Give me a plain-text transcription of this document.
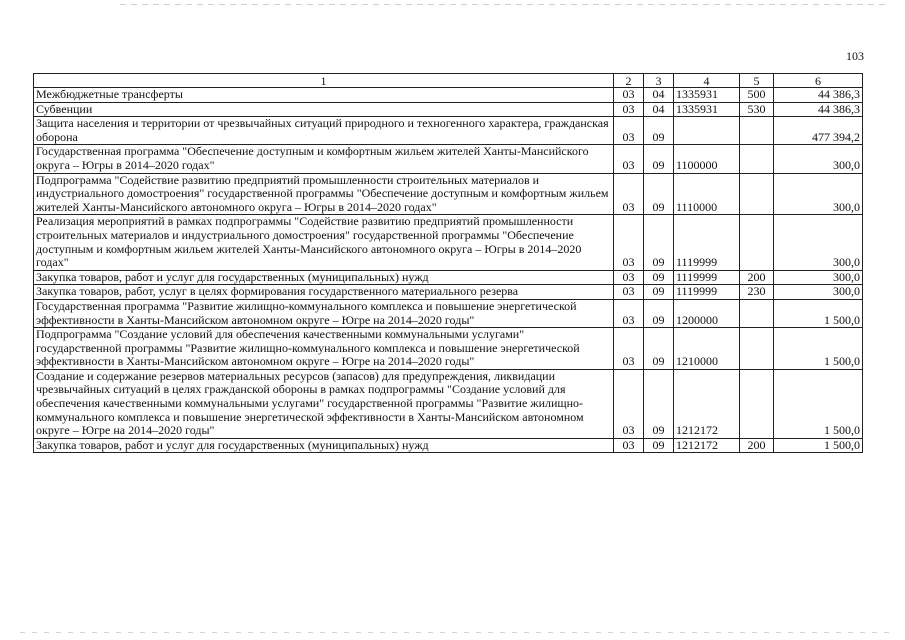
103
1	2	3	4	5	6
Межбюджетные трансферты	03	04	1335931	500	44 386,3
Субвенции	03	04	1335931	530	44 386,3
Защита населения и территории от чрезвычайных ситуаций природного и техногенного характера, гражданская оборона	03	09			477 394,2
Государственная программа "Обеспечение доступным и комфортным жильем жителей Ханты-Мансийского округа – Югры в 2014–2020 годах"	03	09	1100000		300,0
Подпрограмма "Содействие развитию предприятий промышленности строительных материалов и индустриального домостроения" государственной программы "Обеспечение доступным и комфортным жильем жителей Ханты-Мансийского автономного округа – Югры в 2014–2020 годах"	03	09	1110000		300,0
Реализация мероприятий в рамках подпрограммы "Содействие развитию предприятий промышленности строительных материалов и индустриального домостроения" государственной программы "Обеспечение доступным и комфортным жильем жителей Ханты-Мансийского автономного округа – Югры в 2014–2020 годах"	03	09	1119999		300,0
Закупка товаров, работ и услуг для государственных (муниципальных) нужд	03	09	1119999	200	300,0
Закупка товаров, работ, услуг в целях формирования государственного материального резерва	03	09	1119999	230	300,0
Государственная программа "Развитие жилищно-коммунального комплекса и повышение энергетической эффективности в Ханты-Мансийском автономном округе – Югре на 2014–2020 годы"	03	09	1200000		1 500,0
Подпрограмма "Создание условий для обеспечения качественными коммунальными услугами" государственной программы "Развитие жилищно-коммунального комплекса и повышение энергетической эффективности в Ханты-Мансийском автономном округе – Югре на 2014–2020 годы"	03	09	1210000		1 500,0
Создание и содержание резервов материальных ресурсов (запасов) для предупреждения, ликвидации чрезвычайных ситуаций в целях гражданской обороны в рамках подпрограммы "Создание условий для обеспечения качественными коммунальными услугами" государственной программы "Развитие жилищно-коммунального комплекса и повышение энергетической эффективности в Ханты-Мансийском автономном округе – Югре на 2014–2020 годы"	03	09	1212172		1 500,0
Закупка товаров, работ и услуг для государственных (муниципальных) нужд	03	09	1212172	200	1 500,0
